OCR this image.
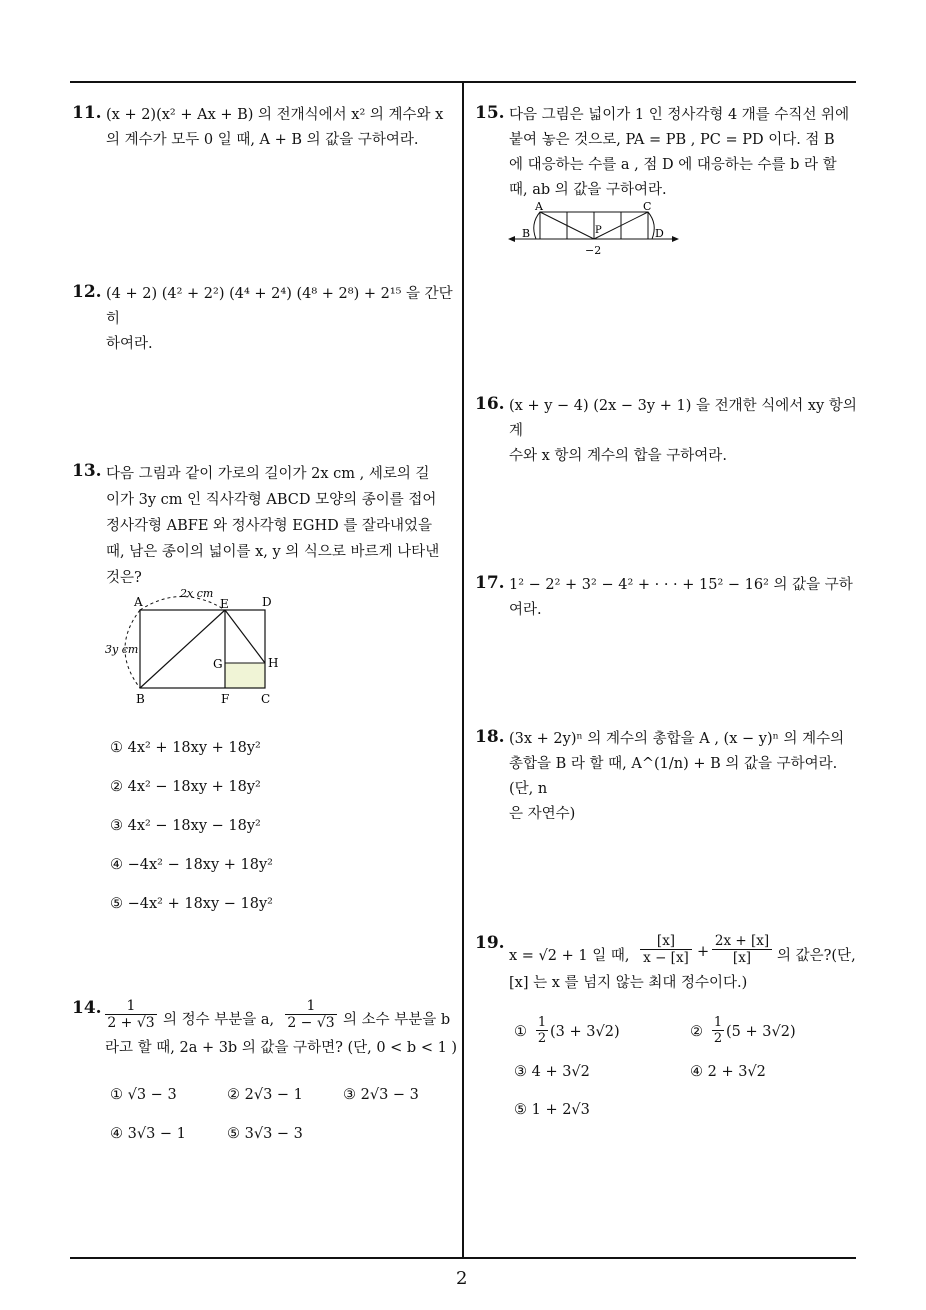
11. (x + 2)(x² + Ax + B) 의 전개식에서 x² 의 계수와 x
의 계수가 모두 0 일 때, A + B 의 값을 구하여라.
12. (4 + 2) (4² + 2²) (4⁴ + 2⁴) (4⁸ + 2⁸) + 2¹⁵ 을 간단히
하여라.
13. 다음 그림과 같이 가로의 길이가 2x cm , 세로의 길
이가 3y cm 인 직사각형 ABCD 모양의 종이를 접어
정사각형 ABFE 와 정사각형 EGHD 를 잘라내었을
때, 남은 종이의 넓이를 x, y 의 식으로 바르게 나타낸
것은?
A	E	D
B	F	C
G	H
2x cm
3y cm
① 4x² + 18xy + 18y²
② 4x² − 18xy + 18y²
③ 4x² − 18xy − 18y²
④ −4x² − 18xy + 18y²
⑤ −4x² + 18xy − 18y²
14. $\frac{1}{2 + √3}$ 의 정수 부분을 a, $\frac{1}{2 - √3}$ 의 소수 부분을 b
라고 할 때, 2a + 3b 의 값을 구하면? (단, 0 < b < 1 )
① √3 − 3	② 2√3 − 1	③ 2√3 − 3
④ 3√3 − 1	⑤ 3√3 − 3
15. 다음 그림은 넓이가 1 인 정사각형 4 개를 수직선 위에
붙여 놓은 것으로, PA = PB , PC = PD 이다. 점 B
에 대응하는 수를 a , 점 D 에 대응하는 수를 b 라 할
때, ab 의 값을 구하여라.
A	C
B	D
P
−2
16. (x + y − 4) (2x − 3y + 1) 을 전개한 식에서 xy 항의 계
수와 x 항의 계수의 합을 구하여라.
17. 1² − 2² + 3² − 4² + · · · + 15² − 16² 의 값을 구하여라.
18. (3x + 2y)ⁿ 의 계수의 총합을 A , (x − y)ⁿ 의 계수의
총합을 B 라 할 때, A^(1/n) + B 의 값을 구하여라. (단, n
은 자연수)
19.
x = √2 + 1 일 때, $\frac{[x]}{x - [x]} + \frac{2x + [x]}{[x]}$ 의 값은?(단,
[x] 는 x 를 넘지 않는 최대 정수이다.)
① $\frac{1}{2} (3 + 3√2)$	② $\frac{1}{2} (5 + 3√2)$
③ 4 + 3√2	④ 2 + 3√2
⑤ 1 + 2√3
2
